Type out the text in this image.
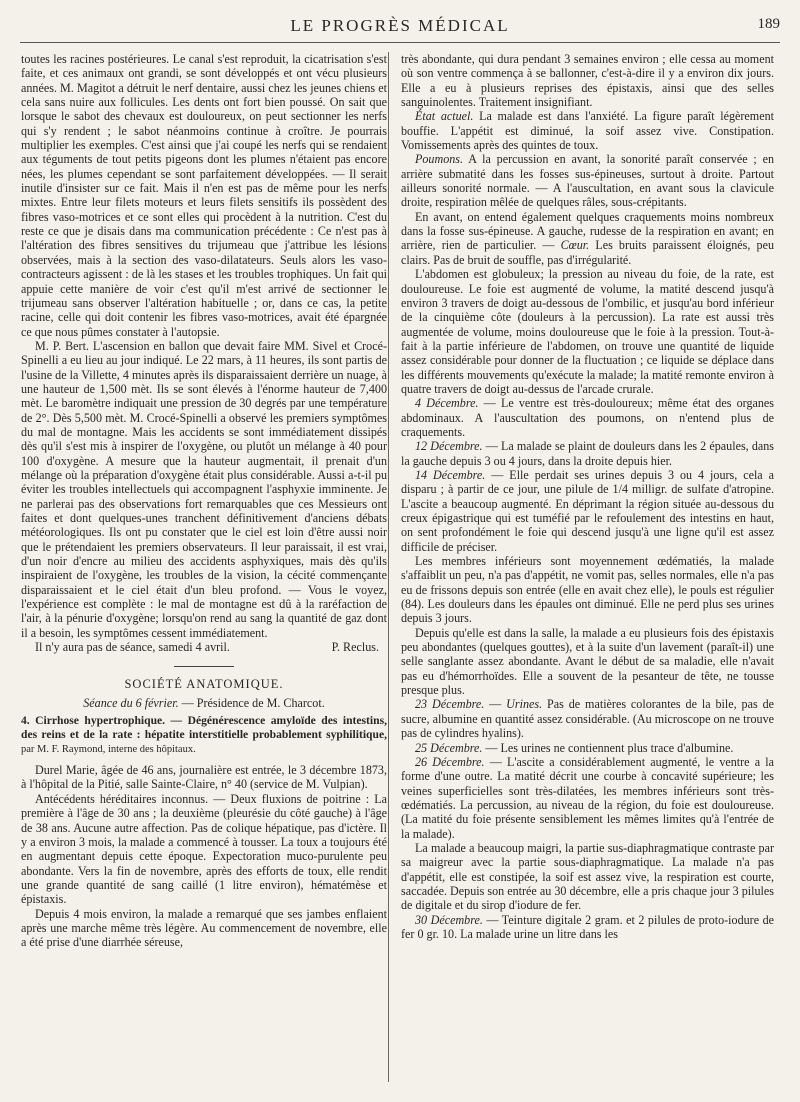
LE PROGRÈS MÉDICAL	189

toutes les racines postérieures. Le canal s'est reproduit, la cicatrisation s'est faite, et ces animaux ont grandi, se sont développés et ont vécu plusieurs années. M. Magitot a détruit le nerf dentaire, aussi chez les jeunes chiens et cela sans nuire aux follicules. Les dents ont fort bien poussé. On sait que lorsque le sabot des chevaux est douloureux, on peut sectionner les nerfs qui s'y rendent ; le sabot néanmoins continue à croître. Je pourrais multiplier les exemples. C'est ainsi que j'ai coupé les nerfs qui se rendaient aux téguments de tout petits pigeons dont les plumes n'étaient pas encore nées, les plumes cependant se sont parfaitement développées. — Il serait inutile d'insister sur ce fait. Mais il n'en est pas de même pour les nerfs mixtes. Entre leur filets moteurs et leurs filets sensitifs ils possèdent des fibres vaso-motrices et ce sont elles qui procèdent à la nutrition. C'est du reste ce que je disais dans ma communication précédente : Ce n'est pas à l'altération des fibres sensitives du trijumeau que j'attribue les lésions observées, mais à la section des vaso-dilatateurs. Seuls alors les vaso-contracteurs agissent : de là les stases et les troubles trophiques. Un fait qui appuie cette manière de voir c'est qu'il m'est arrivé de sectionner le trijumeau sans observer l'altération habituelle ; or, dans ce cas, la petite racine, celle qui doit contenir les fibres vaso-motrices, avait été épargnée ce que nous pûmes constater à l'autopsie.

M. P. Bert. L'ascension en ballon que devait faire MM. Sivel et Crocé-Spinelli a eu lieu au jour indiqué. Le 22 mars, à 11 heures, ils sont partis de l'usine de la Villette, 4 minutes après ils disparaissaient derrière un nuage, à une hauteur de 1,500 mèt. Ils se sont élevés à l'énorme hauteur de 7,400 mèt. Le baromètre indiquait une pression de 30 degrés par une température de 2°. Dès 5,500 mèt. M. Crocé-Spinelli a observé les premiers symptômes du mal de montagne. Mais les accidents se sont immédiatement dissipés dès qu'il s'est mis à inspirer de l'oxygène, ou plutôt un mélange à 40 pour 100 d'oxygène. A mesure que la hauteur augmentait, il prenait d'un mélange où la préparation d'oxygène était plus considérable. Aussi a-t-il pu éviter les troubles intellectuels qui accompagnent l'asphyxie imminente. Je ne parlerai pas des observations fort remarquables que ces Messieurs ont faites et dont quelques-unes tranchent définitivement d'anciens débats météorologiques. Ils ont pu constater que le ciel est loin d'être aussi noir que le prétendaient les premiers observateurs. Il leur paraissait, il est vrai, d'un noir d'encre au milieu des accidents asphyxiques, mais dès qu'ils inspiraient de l'oxygène, les troubles de la vision, la cécité commençante disparaissaient et le ciel était d'un bleu profond. — Vous le voyez, l'expérience est complète : le mal de montagne est dû à la raréfaction de l'air, à la pénurie d'oxygène; lorsqu'on rend au sang la quantité de gaz dont il a besoin, les symptômes cessent immédiatement.

Il n'y aura pas de séance, samedi 4 avril.	P. Reclus.

SOCIÉTÉ ANATOMIQUE.
Séance du 6 février. — Présidence de M. Charcot.

4. Cirrhose hypertrophique. — Dégénérescence amyloïde des intestins, des reins et de la rate : hépatite interstitielle probablement syphilitique, par M. F. Raymond, interne des hôpitaux.

Durel Marie, âgée de 46 ans, journalière est entrée, le 3 décembre 1873, à l'hôpital de la Pitié, salle Sainte-Claire, n° 40 (service de M. Vulpian).

Antécédents héréditaires inconnus. — Deux fluxions de poitrine : La première à l'âge de 30 ans ; la deuxième (pleurésie du côté gauche) à l'âge de 38 ans. Aucune autre affection. Pas de colique hépatique, pas d'ictère. Il y a environ 3 mois, la malade a commencé à tousser. La toux a toujours été en augmentant depuis cette époque. Expectoration muco-purulente peu abondante. Vers la fin de novembre, après des efforts de toux, elle rendit une grande quantité de sang caillé (1 litre environ), hématémèse et épistaxis.

Depuis 4 mois environ, la malade a remarqué que ses jambes enflaient après une marche même très légère. Au commencement de novembre, elle a été prise d'une diarrhée séreuse,

très abondante, qui dura pendant 3 semaines environ ; elle cessa au moment où son ventre commença à se ballonner, c'est-à-dire il y a environ dix jours. Elle a eu à plusieurs reprises des épistaxis, ainsi que des selles sanguinolentes. Traitement insignifiant.

État actuel. La malade est dans l'anxiété. La figure paraît légèrement bouffie. L'appétit est diminué, la soif assez vive. Constipation. Vomissements après des quintes de toux.

Poumons. A la percussion en avant, la sonorité paraît conservée ; en arrière submatité dans les fosses sus-épineuses, surtout à droite. Partout ailleurs sonorité normale. — A l'auscultation, en avant sous la clavicule droite, respiration mêlée de quelques râles, sous-crépitants.

En avant, on entend également quelques craquements moins nombreux dans la fosse sus-épineuse. A gauche, rudesse de la respiration en avant; en arrière, rien de particulier. — Cœur. Les bruits paraissent éloignés, peu clairs. Pas de bruit de souffle, pas d'irrégularité.

L'abdomen est globuleux; la pression au niveau du foie, de la rate, est douloureuse. Le foie est augmenté de volume, la matité descend jusqu'à environ 3 travers de doigt au-dessous de l'ombilic, et jusqu'au bord inférieur de la cinquième côte (douleurs à la percussion). La rate est aussi très augmentée de volume, moins douloureuse que le foie à la pression. Tout-à-fait à la partie inférieure de l'abdomen, on trouve une quantité de liquide assez considérable pour donner de la fluctuation ; ce liquide se déplace dans les différents mouvements qu'exécute la malade; la matité remonte environ à quatre travers de doigt au-dessus de l'arcade crurale.

4 Décembre. — Le ventre est très-douloureux; même état des organes abdominaux. A l'auscultation des poumons, on n'entend plus de craquements.

12 Décembre. — La malade se plaint de douleurs dans les 2 épaules, dans la gauche depuis 3 ou 4 jours, dans la droite depuis hier.

14 Décembre. — Elle perdait ses urines depuis 3 ou 4 jours, cela a disparu ; à partir de ce jour, une pilule de 1/4 milligr. de sulfate d'atropine. L'ascite a beaucoup augmenté. En déprimant la région située au-dessous du creux épigastrique qui est tuméfié par le refoulement des intestins en haut, on sent profondément le foie qui descend jusqu'à une ligne qu'il est assez difficile de préciser.

Les membres inférieurs sont moyennement œdématiés, la malade s'affaiblit un peu, n'a pas d'appétit, ne vomit pas, selles normales, elle n'a pas eu de frissons depuis son entrée (elle en avait chez elle), le pouls est régulier (84). Les douleurs dans les épaules ont diminué. Elle ne perd plus ses urines depuis 3 jours.

Depuis qu'elle est dans la salle, la malade a eu plusieurs fois des épistaxis peu abondantes (quelques gouttes), et à la suite d'un lavement (paraît-il) une selle sanglante assez abondante. Avant le début de sa maladie, elle n'avait pas eu d'hémorrhoïdes. Elle a souvent de la pesanteur de tête, ne tousse presque plus.

23 Décembre. — Urines. Pas de matières colorantes de la bile, pas de sucre, albumine en quantité assez considérable. (Au microscope on ne trouve pas de cylindres hyalins).

25 Décembre. — Les urines ne contiennent plus trace d'albumine.

26 Décembre. — L'ascite a considérablement augmenté, le ventre a la forme d'une outre. La matité décrit une courbe à concavité supérieure; les veines superficielles sont très-dilatées, les membres inférieurs sont très-œdématiés. La percussion, au niveau de la région, du foie est douloureuse. (La matité du foie présente sensiblement les mêmes limites qu'à l'entrée de la malade).

La malade a beaucoup maigri, la partie sus-diaphragmatique contraste par sa maigreur avec la partie sous-diaphragmatique. La malade n'a pas d'appétit, elle est constipée, la soif est assez vive, la respiration est courte, saccadée. Depuis son entrée au 30 décembre, elle a pris chaque jour 3 pilules de digitale et du sirop d'iodure de fer.

30 Décembre. — Teinture digitale 2 gram. et 2 pilules de proto-iodure de fer 0 gr. 10. La malade urine un litre dans les
